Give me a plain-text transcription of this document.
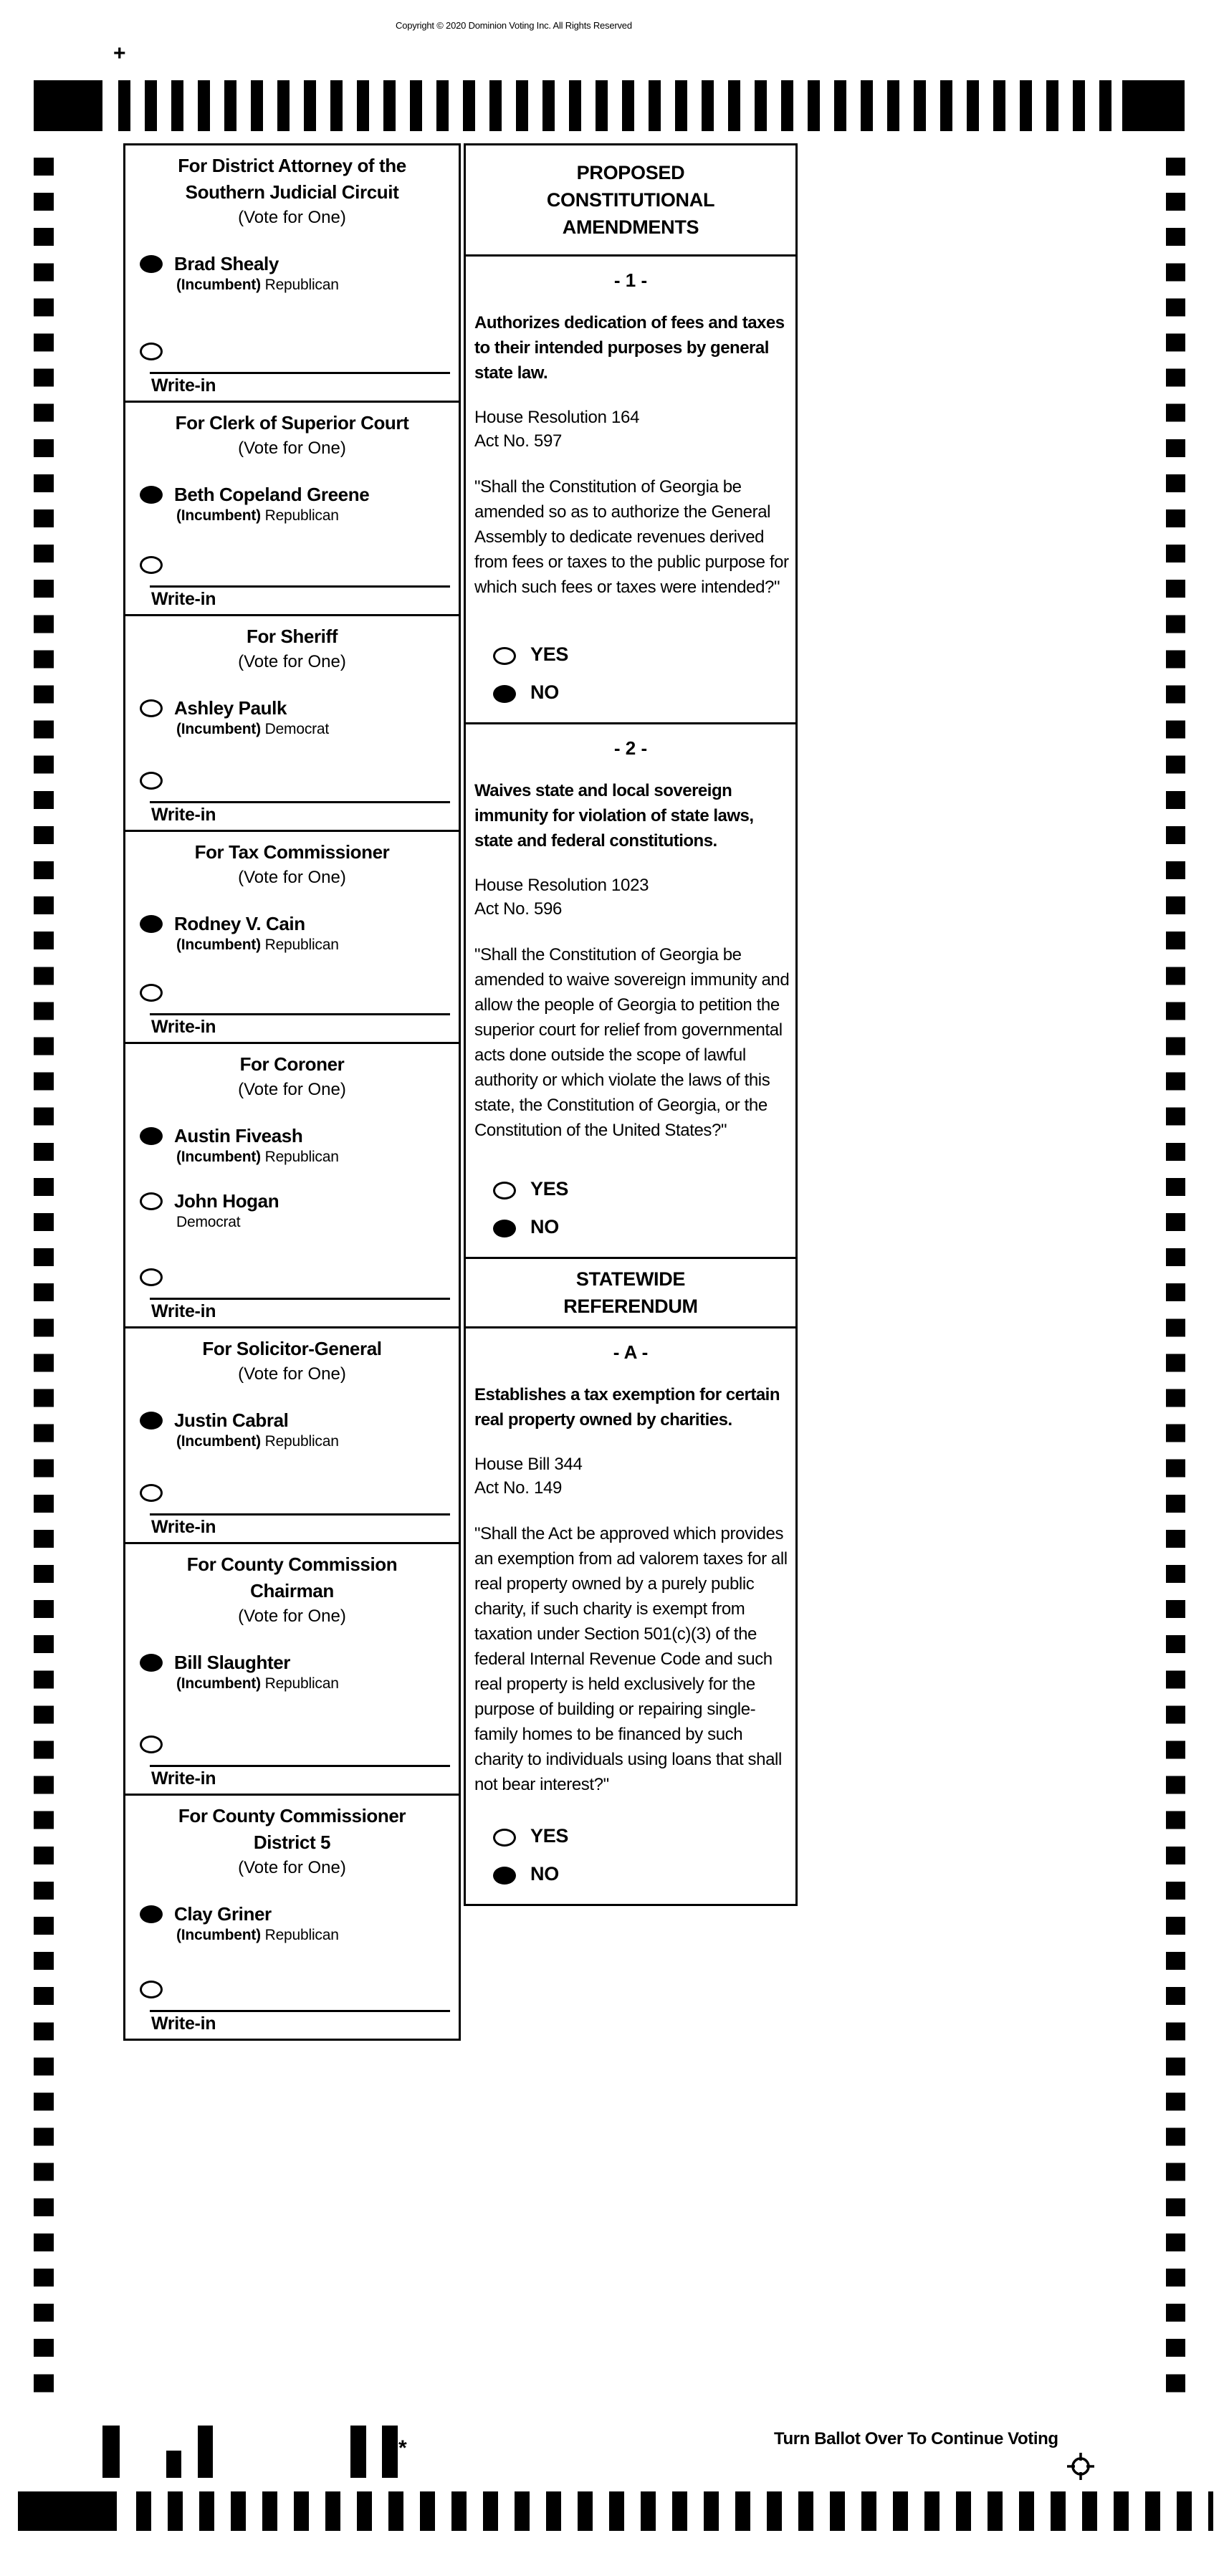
Copyright © 2020 Dominion Voting Inc. All Rights Reserved
+
*
For District Attorney of the
Southern Judicial Circuit
(Vote for One)
Brad Shealy
(Incumbent) Republican
Write-in
For Clerk of Superior Court
(Vote for One)
Beth Copeland Greene
(Incumbent) Republican
Write-in
For Sheriff
(Vote for One)
Ashley Paulk
(Incumbent) Democrat
Write-in
For Tax Commissioner
(Vote for One)
Rodney V. Cain
(Incumbent) Republican
Write-in
For Coroner
(Vote for One)
Austin Fiveash
(Incumbent) Republican
John Hogan
Democrat
Write-in
For Solicitor-General
(Vote for One)
Justin Cabral
(Incumbent) Republican
Write-in
For County Commission
Chairman
(Vote for One)
Bill Slaughter
(Incumbent) Republican
Write-in
For County Commissioner
District 5
(Vote for One)
Clay Griner
(Incumbent) Republican
Write-in
PROPOSED
CONSTITUTIONAL
AMENDMENTS
- 1 -
Authorizes dedication of fees and taxes to their intended purposes by general state law.
House Resolution 164
Act No. 597
"Shall the Constitution of Georgia be amended so as to authorize the General Assembly to dedicate revenues derived from fees or taxes to the public purpose for which such fees or taxes were intended?"
YES
NO
- 2 -
Waives state and local sovereign immunity for violation of state laws, state and federal constitutions.
House Resolution 1023
Act No. 596
"Shall the Constitution of Georgia be amended to waive sovereign immunity and allow the people of Georgia to petition the superior court for relief from governmental acts done outside the scope of lawful authority or which violate the laws of this state, the Constitution of Georgia, or the Constitution of the United States?"
YES
NO
STATEWIDE
REFERENDUM
- A -
Establishes a tax exemption for certain real property owned by charities.
House Bill 344
Act No. 149
"Shall the Act be approved which provides an exemption from ad valorem taxes for all real property owned by a purely public charity, if such charity is exempt from taxation under Section 501(c)(3) of the federal Internal Revenue Code and such real property is held exclusively for the purpose of building or repairing single-family homes to be financed by such charity to individuals using loans that shall not bear interest?"
YES
NO
Turn Ballot Over To Continue Voting
